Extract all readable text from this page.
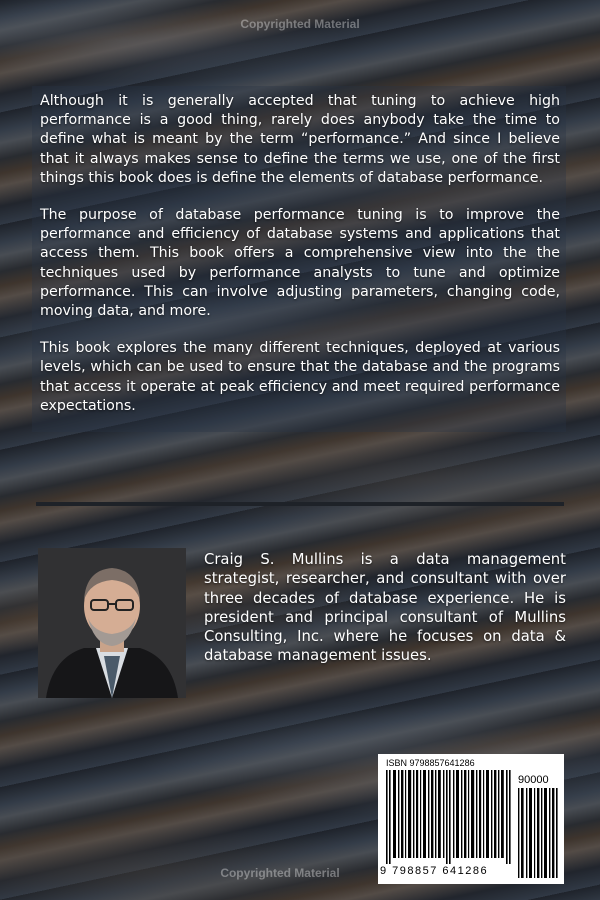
Copyrighted Material

Although it is generally accepted that tuning to achieve high performance is a good thing, rarely does anybody take the time to define what is meant by the term “performance.” And since I believe that it always makes sense to define the terms we use, one of the first things this book does is define the elements of database performance.

The purpose of database performance tuning is to improve the performance and efficiency of database systems and applications that access them. This book offers a comprehensive view into the the techniques used by performance analysts to tune and optimize performance. This can involve adjusting parameters, changing code, moving data, and more.

This book explores the many different techniques, deployed at various levels, which can be used to ensure that the database and the programs that access it operate at peak efficiency and meet required performance expectations.

Craig S. Mullins is a data management strategist, researcher, and consultant with over three decades of database experience. He is president and principal consultant of Mullins Consulting, Inc. where he focuses on data & database management issues.
ISBN 9798857641286
90000
9 798857 641286
Copyrighted Material
